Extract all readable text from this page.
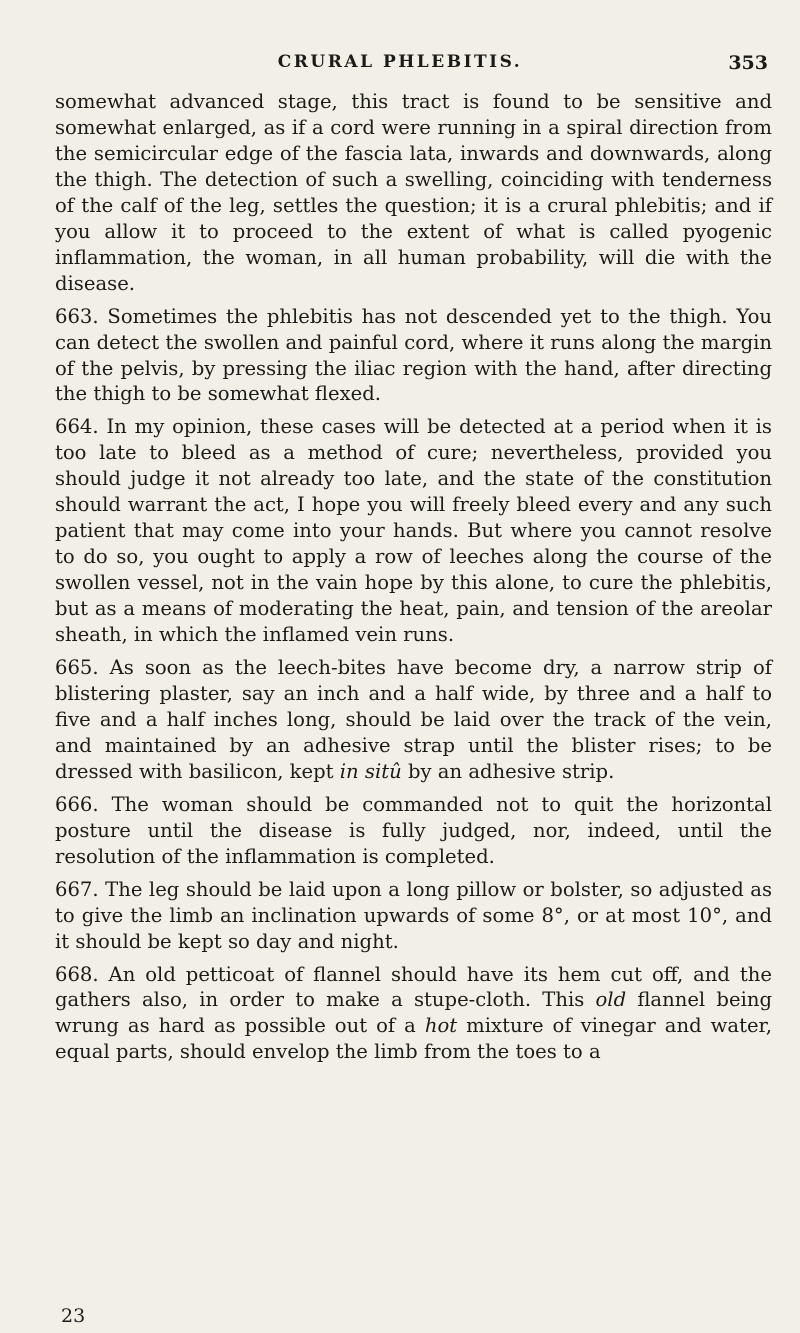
CRURAL PHLEBITIS.	353

somewhat advanced stage, this tract is found to be sensitive and somewhat enlarged, as if a cord were running in a spiral direction from the semicircular edge of the fascia lata, inwards and downwards, along the thigh. The detection of such a swelling, coinciding with tenderness of the calf of the leg, settles the question; it is a crural phlebitis; and if you allow it to proceed to the extent of what is called pyogenic inflammation, the woman, in all human probability, will die with the disease.

663. Sometimes the phlebitis has not descended yet to the thigh. You can detect the swollen and painful cord, where it runs along the margin of the pelvis, by pressing the iliac region with the hand, after directing the thigh to be somewhat flexed.

664. In my opinion, these cases will be detected at a period when it is too late to bleed as a method of cure; nevertheless, provided you should judge it not already too late, and the state of the constitution should warrant the act, I hope you will freely bleed every and any such patient that may come into your hands. But where you cannot resolve to do so, you ought to apply a row of leeches along the course of the swollen vessel, not in the vain hope by this alone, to cure the phlebitis, but as a means of moderating the heat, pain, and tension of the areolar sheath, in which the inflamed vein runs.

665. As soon as the leech-bites have become dry, a narrow strip of blistering plaster, say an inch and a half wide, by three and a half to five and a half inches long, should be laid over the track of the vein, and maintained by an adhesive strap until the blister rises; to be dressed with basilicon, kept in sitû by an adhesive strip.

666. The woman should be commanded not to quit the horizontal posture until the disease is fully judged, nor, indeed, until the resolution of the inflammation is completed.

667. The leg should be laid upon a long pillow or bolster, so adjusted as to give the limb an inclination upwards of some 8°, or at most 10°, and it should be kept so day and night.

668. An old petticoat of flannel should have its hem cut off, and the gathers also, in order to make a stupe-cloth. This old flannel being wrung as hard as possible out of a hot mixture of vinegar and water, equal parts, should envelop the limb from the toes to a

23
